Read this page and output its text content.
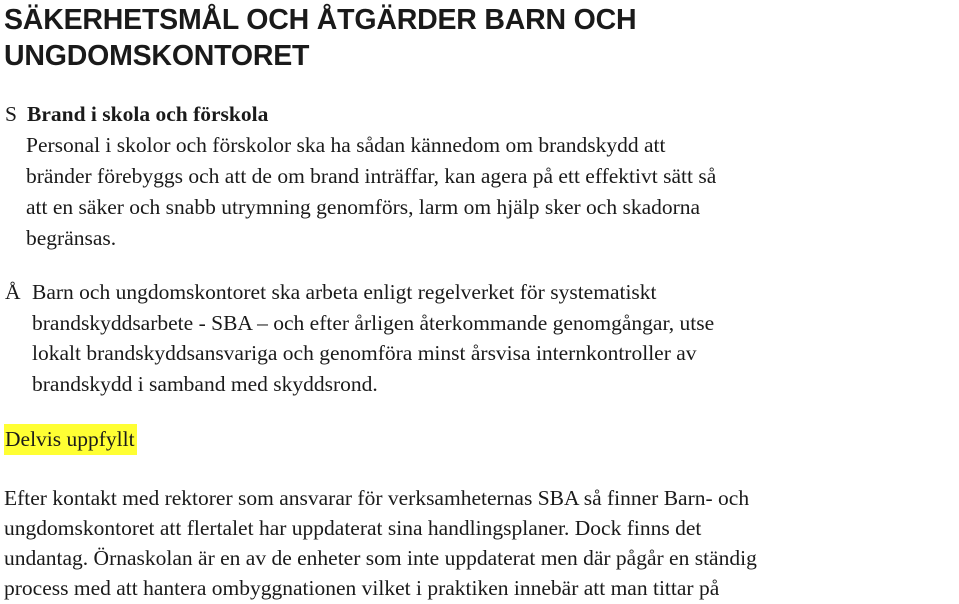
SÄKERHETSMÅL OCH ÅTGÄRDER BARN OCH
UNGDOMSKONTORET

S Brand i skola och förskola

Personal i skolor och förskolor ska ha sådan kännedom om brandskydd att
bränder förebyggs och att de om brand inträffar, kan agera på ett effektivt sätt så
att en säker och snabb utrymning genomförs, larm om hjälp sker och skadorna
begränsas.

Å Barn och ungdomskontoret ska arbeta enligt regelverket för systematiskt
brandskyddsarbete - SBA – och efter årligen återkommande genomgångar, utse
lokalt brandskyddsansvariga och genomföra minst årsvisa internkontroller av
brandskydd i samband med skyddsrond.

Delvis uppfyllt

Efter kontakt med rektorer som ansvarar för verksamheternas SBA så finner Barn- och
ungdomskontoret att flertalet har uppdaterat sina handlingsplaner. Dock finns det
undantag. Örnaskolan är en av de enheter som inte uppdaterat men där pågår en ständig
process med att hantera ombyggnationen vilket i praktiken innebär att man tittar på
